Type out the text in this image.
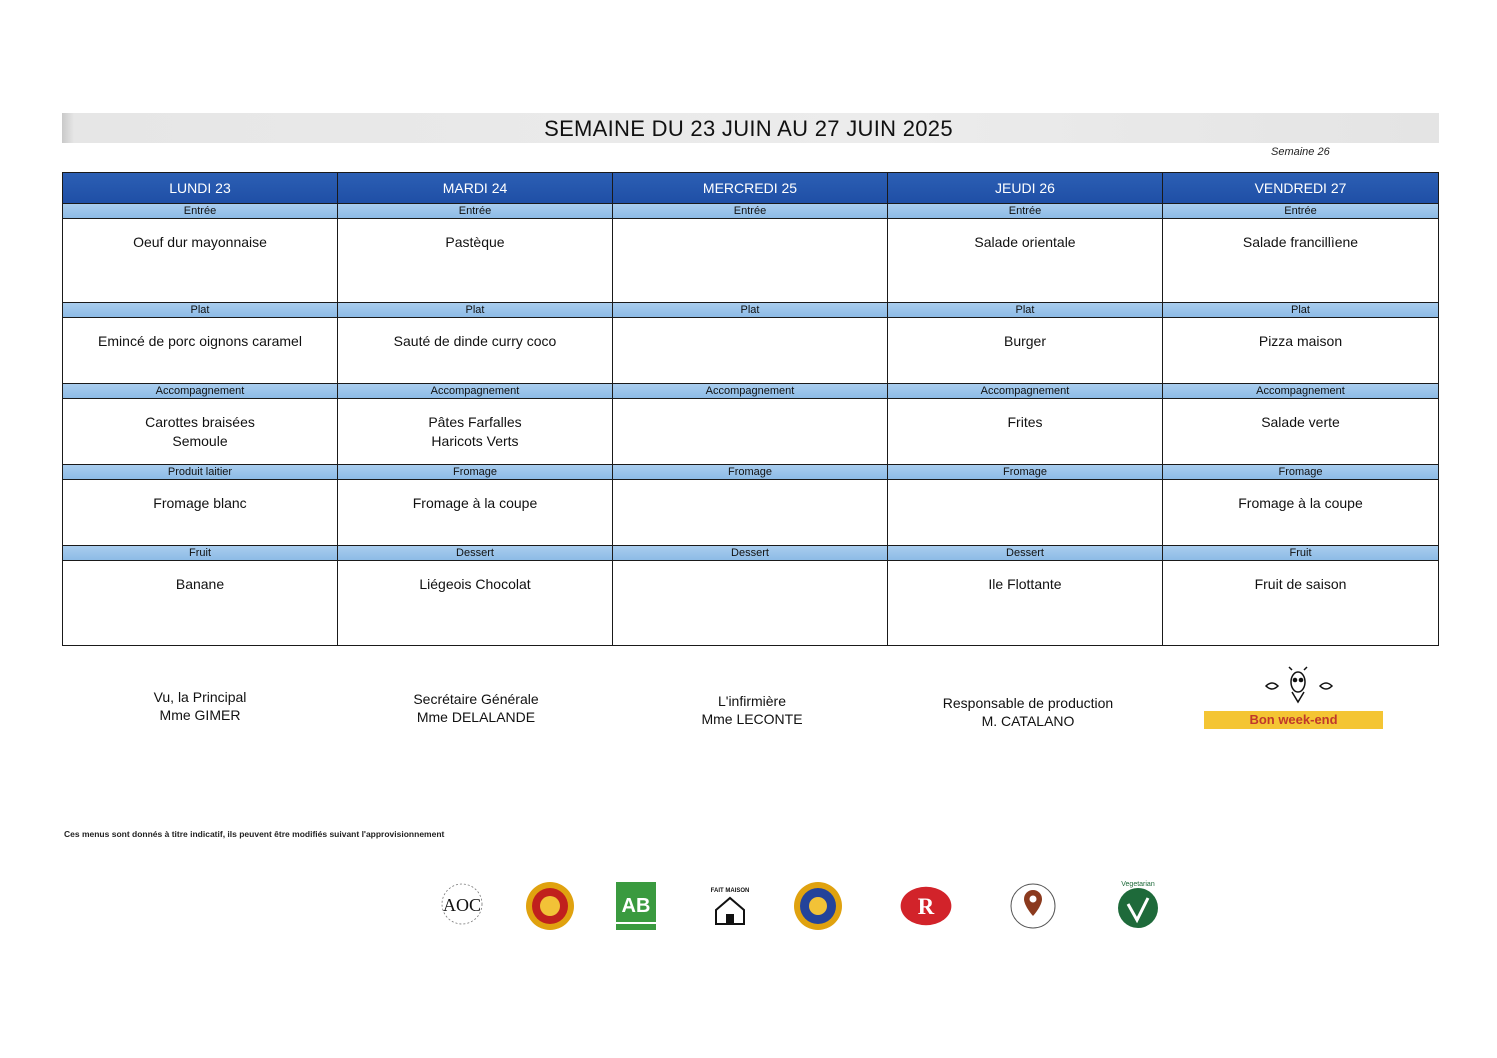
SEMAINE DU 23 JUIN AU 27 JUIN 2025
Semaine 26
LUNDI 23
Entrée
Oeuf dur mayonnaise
Plat
Emincé de porc oignons caramel
Accompagnement
Carottes braisées
Semoule
Produit laitier
Fromage blanc
Fruit
Banane
MARDI 24
Entrée
Pastèque
Plat
Sauté de dinde curry coco
Accompagnement
Pâtes Farfalles
Haricots Verts
Fromage
Fromage à la coupe
Dessert
Liégeois Chocolat
MERCREDI 25
Entrée
Plat
Accompagnement
Fromage
Dessert
JEUDI 26
Entrée
Salade orientale
Plat
Burger
Accompagnement
Frites
Fromage
Dessert
Ile Flottante
VENDREDI 27
Entrée
Salade francillìene
Plat
Pizza maison
Accompagnement
Salade verte
Fromage
Fromage à la coupe
Fruit
Fruit de saison
Vu, la Principal
Mme GIMER
Secrétaire Générale
Mme DELALANDE
L'infirmière
Mme LECONTE
Responsable de production
M. CATALANO	Bon week-end
Ces menus sont donnés à titre indicatif, ils peuvent être modifiés suivant l'approvisionnement
AOC	AB
FAIT MAISON
R
Vegetarian
